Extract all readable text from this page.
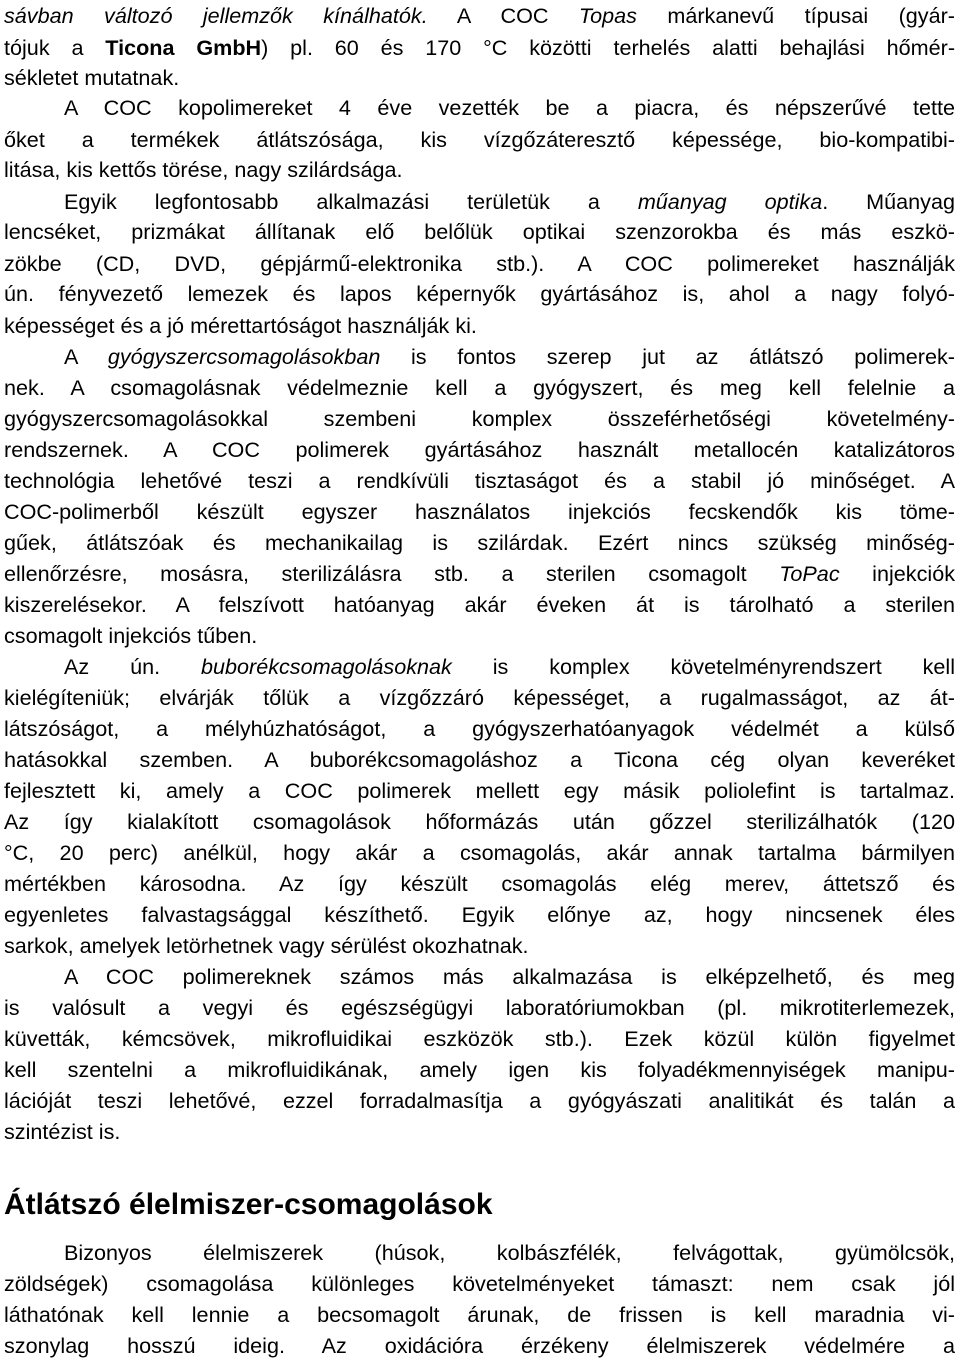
sávban változó jellemzők kínálhatók. A COC Topas márkanevű típusai (gyár-
tójuk a Ticona GmbH) pl. 60 és 170 °C közötti terhelés alatti behajlási hőmér-
sékletet mutatnak.
A COC kopolimereket 4 éve vezették be a piacra, és népszerűvé tette
őket a termékek átlátszósága, kis vízgőzáteresztő képessége, bio-kompatibi-
litása, kis kettős törése, nagy szilárdsága.
Egyik legfontosabb alkalmazási területük a műanyag optika. Műanyag
lencséket, prizmákat állítanak elő belőlük optikai szenzorokba és más eszkö-
zökbe (CD, DVD, gépjármű-elektronika stb.). A COC polimereket használják
ún. fényvezető lemezek és lapos képernyők gyártásához is, ahol a nagy folyó-
képességet és a jó mérettartóságot használják ki.
A gyógyszercsomagolásokban is fontos szerep jut az átlátszó polimerek-
nek. A csomagolásnak védelmeznie kell a gyógyszert, és meg kell felelnie a
gyógyszercsomagolásokkal szembeni komplex összeférhetőségi követelmény-
rendszernek. A COC polimerek gyártásához használt metallocén katalizátoros
technológia lehetővé teszi a rendkívüli tisztaságot és a stabil jó minőséget. A
COC-polimerből készült egyszer használatos injekciós fecskendők kis töme-
gűek, átlátszóak és mechanikailag is szilárdak. Ezért nincs szükség minőség-
ellenőrzésre, mosásra, sterilizálásra stb. a sterilen csomagolt ToPac injekciók
kiszerelésekor. A felszívott hatóanyag akár éveken át is tárolható a sterilen
csomagolt injekciós tűben.
Az ún. buborékcsomagolásoknak is komplex követelményrendszert kell
kielégíteniük; elvárják tőlük a vízgőzzáró képességet, a rugalmasságot, az át-
látszóságot, a mélyhúzhatóságot, a gyógyszerhatóanyagok védelmét a külső
hatásokkal szemben. A buborékcsomagoláshoz a Ticona cég olyan keveréket
fejlesztett ki, amely a COC polimerek mellett egy másik poliolefint is tartalmaz.
Az így kialakított csomagolások hőformázás után gőzzel sterilizálhatók (120
°C, 20 perc) anélkül, hogy akár a csomagolás, akár annak tartalma bármilyen
mértékben károsodna. Az így készült csomagolás elég merev, áttetsző és
egyenletes falvastagsággal készíthető. Egyik előnye az, hogy nincsenek éles
sarkok, amelyek letörhetnek vagy sérülést okozhatnak.
A COC polimereknek számos más alkalmazása is elképzelhető, és meg
is valósult a vegyi és egészségügyi laboratóriumokban (pl. mikrotiterlemezek,
küvetták, kémcsövek, mikrofluidikai eszközök stb.). Ezek közül külön figyelmet
kell szentelni a mikrofluidikának, amely igen kis folyadékmennyiségek manipu-
lációját teszi lehetővé, ezzel forradalmasítja a gyógyászati analitikát és talán a
szintézist is.
Átlátszó élelmiszer-csomagolások
Bizonyos élelmiszerek (húsok, kolbászfélék, felvágottak, gyümölcsök,
zöldségek) csomagolása különleges követelményeket támaszt: nem csak jól
láthatónak kell lennie a becsomagolt árunak, de frissen is kell maradnia vi-
szonylag hosszú ideig. Az oxidációra érzékeny élelmiszerek védelmére a
